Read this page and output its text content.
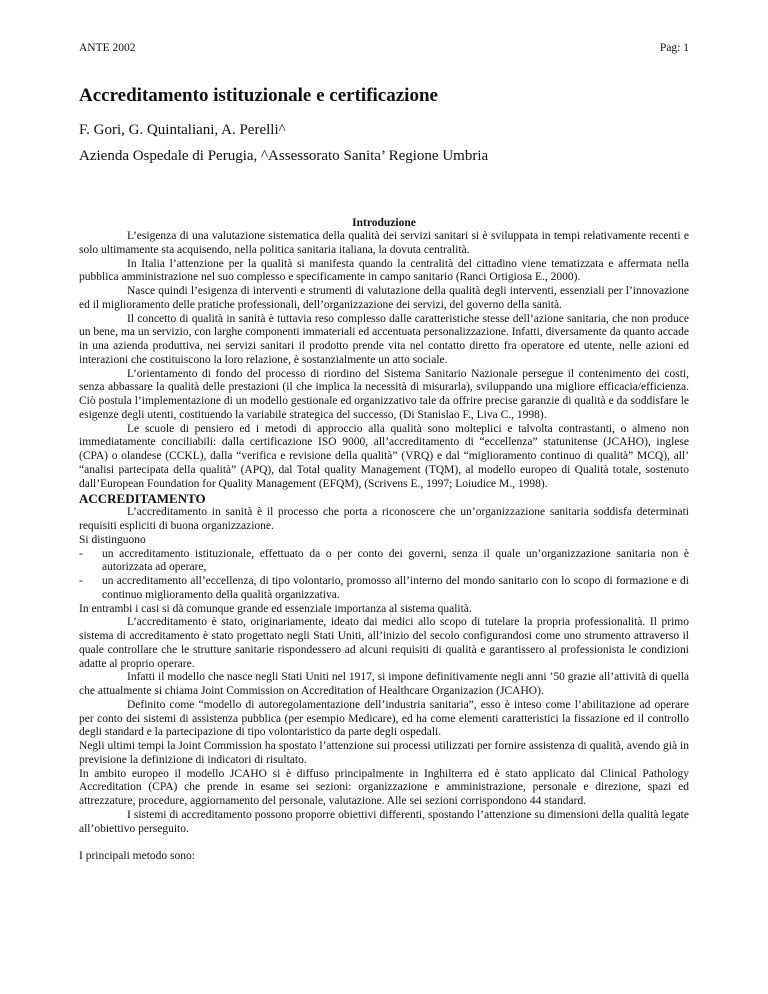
ANTE 2002	Pag: 1
Accreditamento istituzionale e certificazione

F. Gori, G. Quintaliani, A. Perelli^

Azienda Ospedale di Perugia, ^Assessorato Sanita’ Regione Umbria

Introduzione

L’esigenza di una valutazione sistematica della qualità dei servizi sanitari si è sviluppata in tempi relativamente recenti e solo ultimamente sta acquisendo, nella politica sanitaria italiana, la dovuta centralità.

In Italia l’attenzione per la qualità si manifesta quando la centralità del cittadino viene tematizzata e affermata nella pubblica amministrazione nel suo complesso e specificamente in campo sanitario (Ranci Ortigiosa E., 2000).

Nasce quindi l’esigenza di interventi e strumenti di valutazione della qualità degli interventi, essenziali per l’innovazione ed il miglioramento delle pratiche professionali, dell’organizzazione dei servizi, del governo della sanità.

Il concetto di qualità in sanità è tuttavia reso complesso dalle caratteristiche stesse dell’azione sanitaria, che non produce un bene, ma un servizio, con larghe componenti immateriali ed accentuata personalizzazione. Infatti, diversamente da quanto accade in una azienda produttiva, nei servizi sanitari il prodotto prende vita nel contatto diretto fra operatore ed utente, nelle azioni ed interazioni che costituiscono la loro relazione, è sostanzialmente un atto sociale.

L’orientamento di fondo del processo di riordino del Sistema Sanitario Nazionale persegue il contenimento dei costi, senza abbassare la qualità delle prestazioni (il che implica la necessità di misurarla), sviluppando una migliore efficacia/efficienza. Ciò postula l’implementazione di un modello gestionale ed organizzativo tale da offrire precise garanzie di qualità e da soddisfare le esigenze degli utenti, costituendo la variabile strategica del successo, (Di Stanislao F., Liva C., 1998).

Le scuole di pensiero ed i metodi di approccio alla qualità sono molteplici e talvolta contrastanti, o almeno non immediatamente conciliabili: dalla certificazione ISO 9000, all’accreditamento di “eccellenza” statunitense (JCAHO), inglese (CPA) o olandese (CCKL), dalla “verifica e revisione della qualità” (VRQ) e dal “miglioramento continuo di qualità” MCQ), all’ “analisi partecipata della qualità” (APQ), dal Total quality Management (TQM), al modello europeo di Qualità totale, sostenuto dall’European Foundation for Quality Management (EFQM), (Scrivens E., 1997; Loiudice M., 1998).

ACCREDITAMENTO

L’accreditamento in sanità è il processo che porta a riconoscere che un’organizzazione sanitaria soddisfa determinati requisiti espliciti di buona organizzazione.

Si distinguono

- un accreditamento istituzionale, effettuato da o per conto dei governi, senza il quale un’organizzazione sanitaria non è autorizzata ad operare,
- un accreditamento all’eccellenza, di tipo volontario, promosso all’interno del mondo sanitario con lo scopo di formazione e di continuo miglioramento della qualità organizzativa.

In entrambi i casi si dà comunque grande ed essenziale importanza al sistema qualità.

L’accreditamento è stato, originariamente, ideato dai medici allo scopo di tutelare la propria professionalità. Il primo sistema di accreditamento è stato progettato negli Stati Uniti, all’inizio del secolo configurandosi come uno strumento attraverso il quale controllare che le strutture sanitarie rispondessero ad alcuni requisiti di qualità e garantissero al professionista le condizioni adatte al proprio operare.

Infatti il modello che nasce negli Stati Uniti nel 1917, si impone definitivamente negli anni ’50 grazie all’attività di quella che attualmente si chiama Joint Commission on Accreditation of Healthcare Organizazion (JCAHO).

Definito come “modello di autoregolamentazione dell’industria sanitaria”, esso è inteso come l’abilitazione ad operare per conto dei sistemi di assistenza pubblica (per esempio Medicare), ed ha come elementi caratteristici la fissazione ed il controllo degli standard e la partecipazione di tipo volontaristico da parte degli ospedali.

Negli ultimi tempi la Joint Commission ha spostato l’attenzione sui processi utilizzati per fornire assistenza di qualità, avendo già in previsione la definizione di indicatori di risultato.

In ambito europeo il modello JCAHO si è diffuso principalmente in Inghilterra ed è stato applicato dal Clinical Pathology Accreditation (CPA) che prende in esame sei sezioni: organizzazione e amministrazione, personale e direzione, spazi ed attrezzature, procedure, aggiornamento del personale, valutazione. Alle sei sezioni corrispondono 44 standard.

I sistemi di accreditamento possono proporre obiettivi differenti, spostando l’attenzione su dimensioni della qualità legate all’obiettivo perseguito.

I principali metodo sono:
